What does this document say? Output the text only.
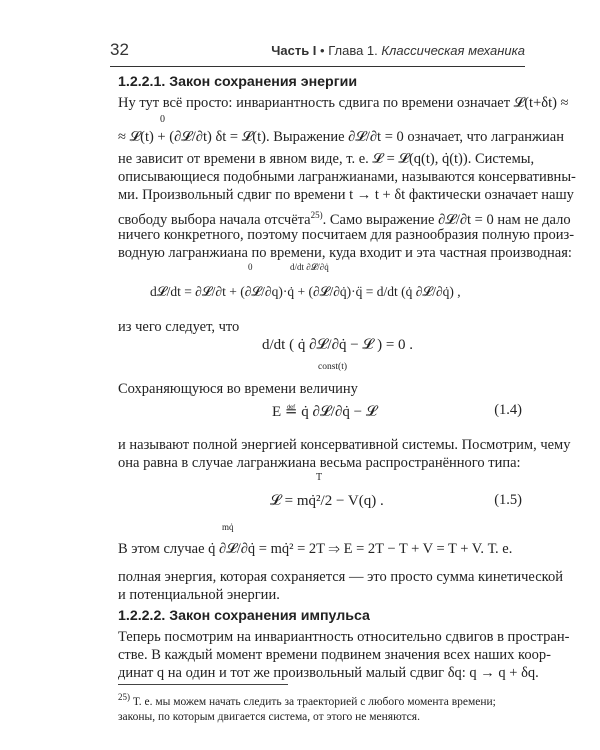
32	Часть I • Глава 1. Классическая механика
1.2.2.1. Закон сохранения энергии
Ну тут всё просто: инвариантность сдвига по времени означает 𝓛(t+δt) ≈
0
≈ 𝓛(t) + (∂𝓛/∂t) δt = 𝓛(t). Выражение ∂𝓛/∂t = 0 означает, что лагранжиан
не зависит от времени в явном виде, т. е. 𝓛 = 𝓛(q(t), q̇(t)). Системы,
описывающиеся подобными лагранжианами, называются консервативны-
ми. Произвольный сдвиг по времени t → t + δt фактически означает нашу
свободу выбора начала отсчёта$^{25)}$. Само выражение ∂𝓛/∂t = 0 нам не дало
ничего конкретного, поэтому посчитаем для разнообразия полную произ-
водную лагранжиана по времени, куда входит и эта частная производная:
0	d/dt ∂𝓛/∂q̇
d𝓛/dt = ∂𝓛/∂t + (∂𝓛/∂q)·q̇ + (∂𝓛/∂q̇)·q̈ = d/dt (q̇ ∂𝓛/∂q̇) ,
из чего следует, что
d/dt ( q̇ ∂𝓛/∂q̇ − 𝓛 ) = 0 .
const(t)
Сохраняющуюся во времени величину
E ≝ q̇ ∂𝓛/∂q̇ − 𝓛	(1.4)
и называют полной энергией консервативной системы. Посмотрим, чему
она равна в случае лагранжиана весьма распространённого типа:
T
𝓛 = mq̇²/2 − V(q) .	(1.5)
mq̇
В этом случае q̇ ∂𝓛/∂q̇ = mq̇² = 2T ⇒ E = 2T − T + V = T + V. Т. е.
полная энергия, которая сохраняется — это просто сумма кинетической
и потенциальной энергии.
1.2.2.2. Закон сохранения импульса
Теперь посмотрим на инвариантность относительно сдвигов в простран-
стве. В каждый момент времени подвинем значения всех наших коор-
динат q на один и тот же произвольный малый сдвиг δq: q → q + δq.
$^{25)}$ Т. е. мы можем начать следить за траекторией с любого момента времени; законы, по которым двигается система, от этого не меняются.
